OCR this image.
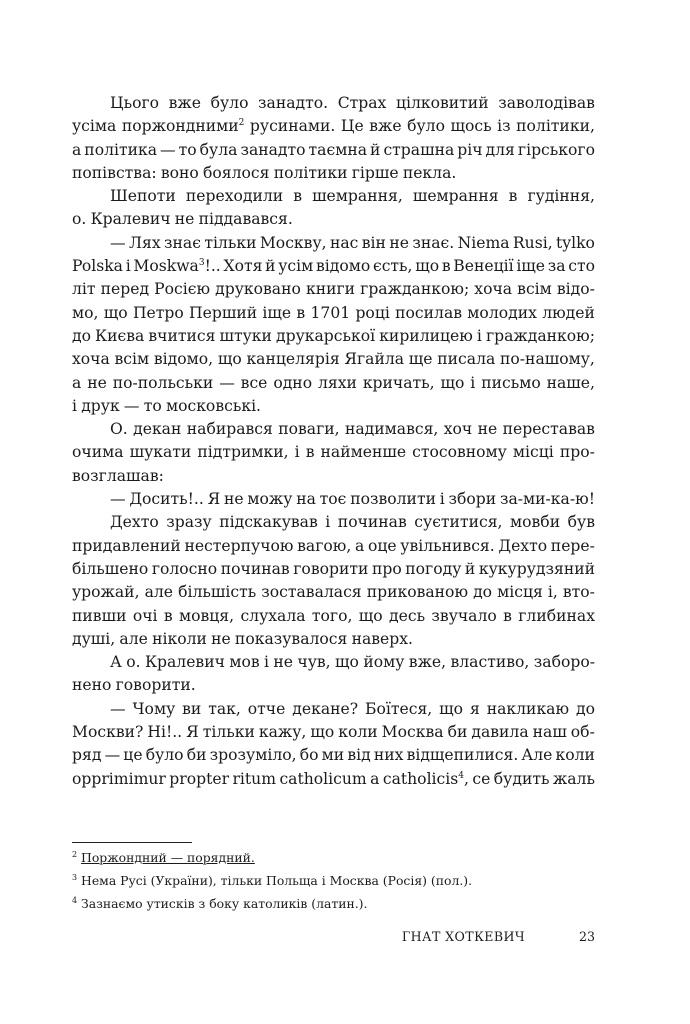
Цього вже було занадто. Страх цілковитий заволодівав
усіма поржондними$^2$ русинами. Це вже було щось із політики,
а політика — то була занадто таємна й страшна річ для гірського
попівства: воно боялося політики гірше пекла.
Шепоти переходили в шемрання, шемрання в гудіння,
о. Кралевич не піддавався.
— Лях знає тільки Москву, нас він не знає. Niema Rusi, tylko
Polska i Moskwa$^3$!.. Хотя й усім відомо єсть, що в Венеції іще за сто
літ перед Росією друковано книги гражданкою; хоча всім відо-
мо, що Петро Перший іще в 1701 році посилав молодих людей
до Києва вчитися штуки друкарської кирилицею і гражданкою;
хоча всім відомо, що канцелярія Ягайла ще писала по-нашому,
а не по-польськи — все одно ляхи кричать, що і письмо наше,
і друк — то московські.
О. декан набирався поваги, надимався, хоч не переставав
очима шукати підтримки, і в найменше стосовному місці про-
возглашав:
— Досить!.. Я не можу на тоє позволити і збори за-ми-ка-ю!
Дехто зразу підскакував і починав суєтитися, мовби був
придавлений нестерпучою вагою, а оце увільнився. Дехто пере-
більшено голосно починав говорити про погоду й кукурудзяний
урожай, але більшість зоставалася прикованою до місця і, вто-
пивши очі в мовця, слухала того, що десь звучало в глибинах
душі, але ніколи не показувалося наверх.
А о. Кралевич мов і не чув, що йому вже, властиво, заборо-
нено говорити.
— Чому ви так, отче декане? Боїтеся, що я накликаю до
Москви? Ні!.. Я тільки кажу, що коли Москва би давила наш об-
ряд — це було би зрозуміло, бо ми від них відщепилися. Але коли
opprimimur propter ritum catholicum a catholicis$^4$, се будить жаль
$^2$ Поржондний — порядний.
$^3$ Нема Русі (України), тільки Польща і Москва (Росія) (пол.).
$^4$ Зазнаємо утисків з боку католиків (латин.).
ГНАТ ХОТКЕВИЧ	23
